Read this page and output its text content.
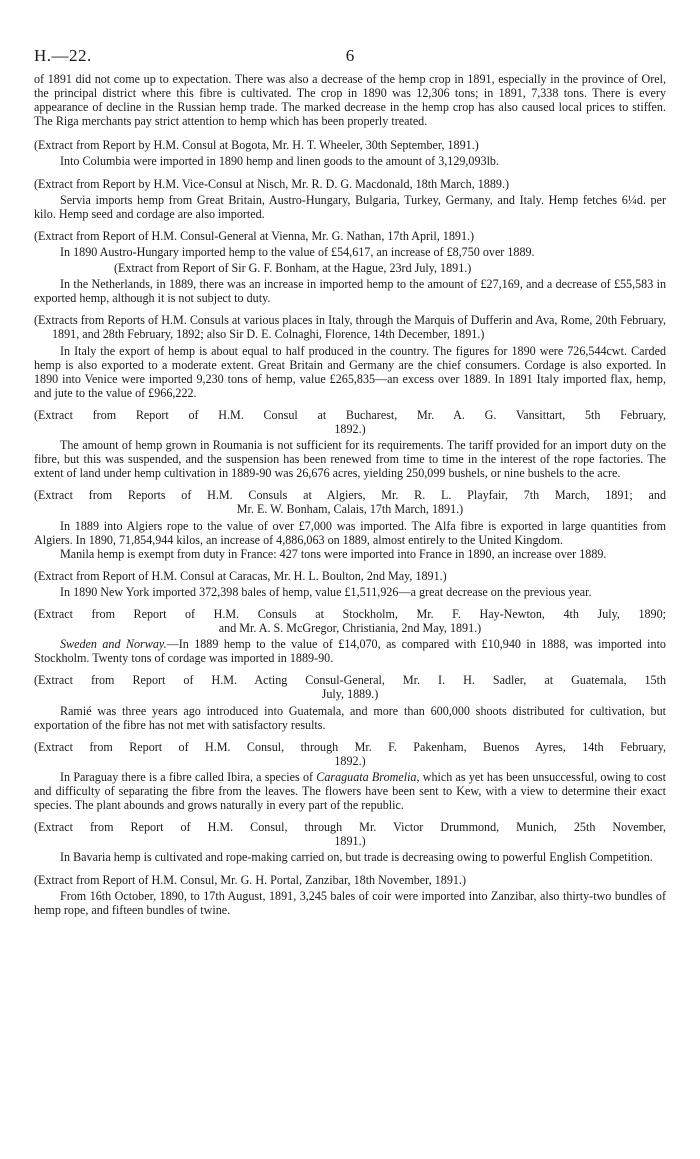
H.—22.	6

of 1891 did not come up to expectation. There was also a decrease of the hemp crop in 1891, especially in the province of Orel, the principal district where this fibre is cultivated. The crop in 1890 was 12,306 tons; in 1891, 7,338 tons. There is every appearance of decline in the Russian hemp trade. The marked decrease in the hemp crop has also caused local prices to stiffen. The Riga merchants pay strict attention to hemp which has been properly treated.

(Extract from Report by H.M. Consul at Bogota, Mr. H. T. Wheeler, 30th September, 1891.)

Into Columbia were imported in 1890 hemp and linen goods to the amount of 3,129,093lb.

(Extract from Report by H.M. Vice-Consul at Nisch, Mr. R. D. G. Macdonald, 18th March, 1889.)

Servia imports hemp from Great Britain, Austro-Hungary, Bulgaria, Turkey, Germany, and Italy. Hemp fetches 6¼d. per kilo. Hemp seed and cordage are also imported.

(Extract from Report of H.M. Consul-General at Vienna, Mr. G. Nathan, 17th April, 1891.)

In 1890 Austro-Hungary imported hemp to the value of £54,617, an increase of £8,750 over 1889.

(Extract from Report of Sir G. F. Bonham, at the Hague, 23rd July, 1891.)

In the Netherlands, in 1889, there was an increase in imported hemp to the amount of £27,169, and a decrease of £55,583 in exported hemp, although it is not subject to duty.

(Extracts from Reports of H.M. Consuls at various places in Italy, through the Marquis of Dufferin and Ava, Rome, 20th February, 1891, and 28th February, 1892; also Sir D. E. Colnaghi, Florence, 14th December, 1891.)

In Italy the export of hemp is about equal to half produced in the country. The figures for 1890 were 726,544cwt. Carded hemp is also exported to a moderate extent. Great Britain and Germany are the chief consumers. Cordage is also exported. In 1890 into Venice were imported 9,230 tons of hemp, value £265,835—an excess over 1889. In 1891 Italy imported flax, hemp, and jute to the value of £966,222.

(Extract from Report of H.M. Consul at Bucharest, Mr. A. G. Vansittart, 5th February,
1892.)

The amount of hemp grown in Roumania is not sufficient for its requirements. The tariff provided for an import duty on the fibre, but this was suspended, and the suspension has been renewed from time to time in the interest of the rope factories. The extent of land under hemp cultivation in 1889-90 was 26,676 acres, yielding 250,099 bushels, or nine bushels to the acre.

(Extract from Reports of H.M. Consuls at Algiers, Mr. R. L. Playfair, 7th March, 1891; and
Mr. E. W. Bonham, Calais, 17th March, 1891.)

In 1889 into Algiers rope to the value of over £7,000 was imported. The Alfa fibre is exported in large quantities from Algiers. In 1890, 71,854,944 kilos, an increase of 4,886,063 on 1889, almost entirely to the United Kingdom.

Manila hemp is exempt from duty in France: 427 tons were imported into France in 1890, an increase over 1889.

(Extract from Report of H.M. Consul at Caracas, Mr. H. L. Boulton, 2nd May, 1891.)

In 1890 New York imported 372,398 bales of hemp, value £1,511,926—a great decrease on the previous year.

(Extract from Report of H.M. Consuls at Stockholm, Mr. F. Hay-Newton, 4th July, 1890;
and Mr. A. S. McGregor, Christiania, 2nd May, 1891.)

Sweden and Norway.—In 1889 hemp to the value of £14,070, as compared with £10,940 in 1888, was imported into Stockholm. Twenty tons of cordage was imported in 1889-90.

(Extract from Report of H.M. Acting Consul-General, Mr. I. H. Sadler, at Guatemala, 15th
July, 1889.)

Ramié was three years ago introduced into Guatemala, and more than 600,000 shoots distributed for cultivation, but exportation of the fibre has not met with satisfactory results.

(Extract from Report of H.M. Consul, through Mr. F. Pakenham, Buenos Ayres, 14th February,
1892.)

In Paraguay there is a fibre called Ibira, a species of Caraguata Bromelia, which as yet has been unsuccessful, owing to cost and difficulty of separating the fibre from the leaves. The flowers have been sent to Kew, with a view to determine their exact species. The plant abounds and grows naturally in every part of the republic.

(Extract from Report of H.M. Consul, through Mr. Victor Drummond, Munich, 25th November,
1891.)

In Bavaria hemp is cultivated and rope-making carried on, but trade is decreasing owing to powerful English Competition.

(Extract from Report of H.M. Consul, Mr. G. H. Portal, Zanzibar, 18th November, 1891.)

From 16th October, 1890, to 17th August, 1891, 3,245 bales of coir were imported into Zanzibar, also thirty-two bundles of hemp rope, and fifteen bundles of twine.
